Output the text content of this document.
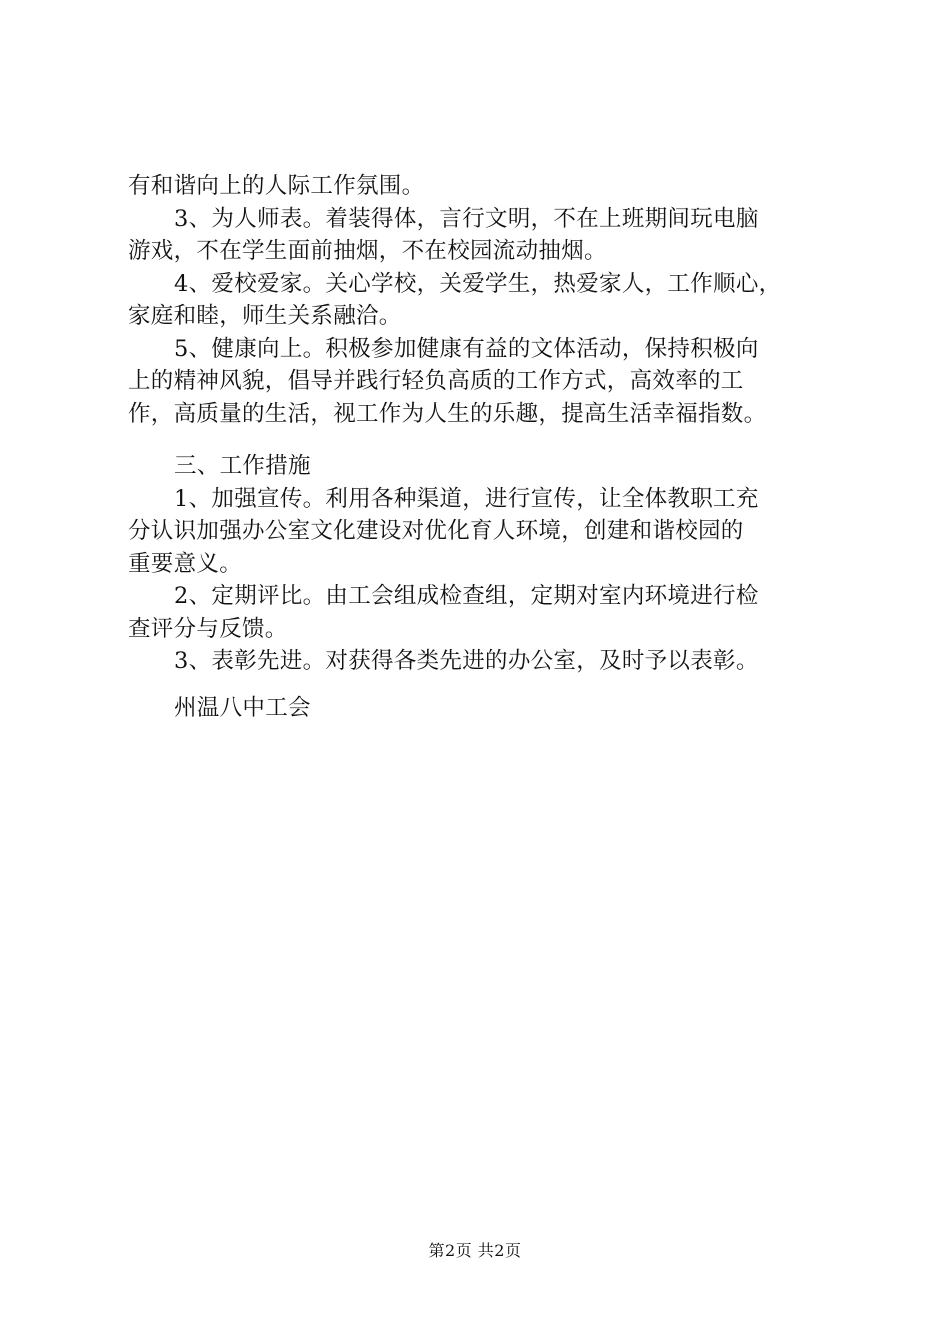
有和谐向上的人际工作氛围。
3、为人师表。着装得体，言行文明，不在上班期间玩电脑
游戏，不在学生面前抽烟，不在校园流动抽烟。
4、爱校爱家。关心学校，关爱学生，热爱家人，工作顺心，
家庭和睦，师生关系融洽。
5、健康向上。积极参加健康有益的文体活动，保持积极向
上的精神风貌，倡导并践行轻负高质的工作方式，高效率的工
作，高质量的生活，视工作为人生的乐趣，提高生活幸福指数。
三、工作措施
1、加强宣传。利用各种渠道，进行宣传，让全体教职工充
分认识加强办公室文化建设对优化育人环境，创建和谐校园的
重要意义。
2、定期评比。由工会组成检查组，定期对室内环境进行检
查评分与反馈。
3、表彰先进。对获得各类先进的办公室，及时予以表彰。
州温八中工会
第2页 共2页
